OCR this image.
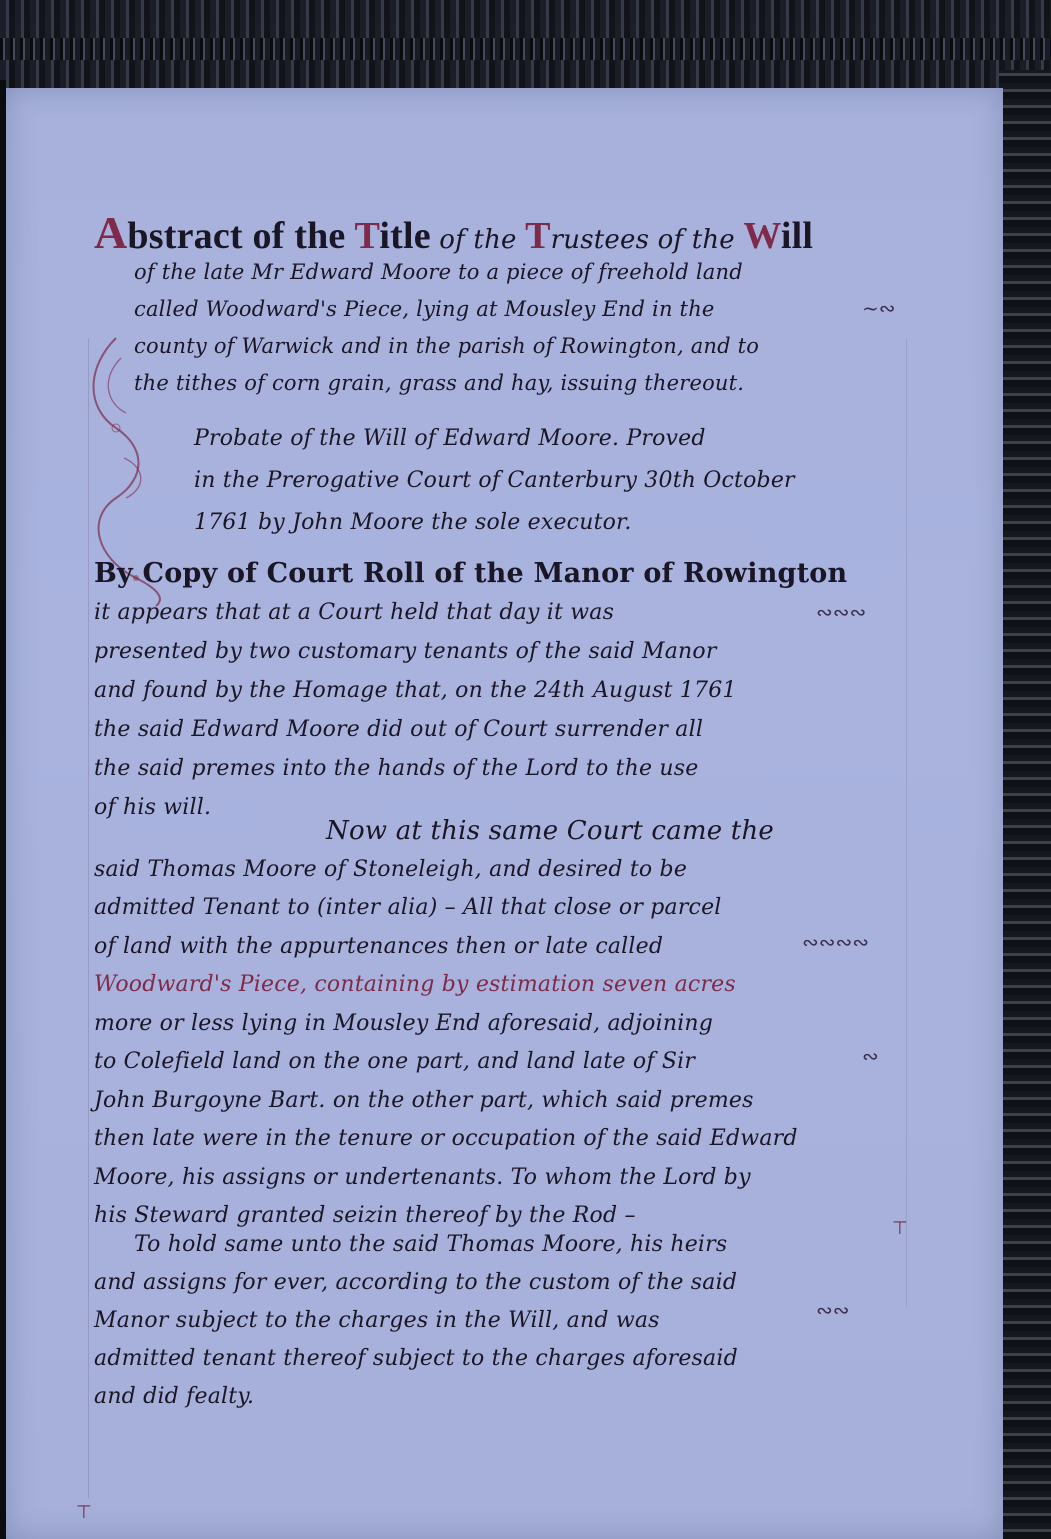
Abstract of the Title of the Trustees of the Will
of the late Mr Edward Moore to a piece of freehold land
called Woodward's Piece, lying at Mousley End in the
county of Warwick and in the parish of Rowington, and to
the tithes of corn grain, grass and hay, issuing thereout.
~∾
Probate of the Will of Edward Moore. Proved
in the Prerogative Court of Canterbury 30th October
1761 by John Moore the sole executor.
By Copy of Court Roll of the Manor of Rowington
it appears that at a Court held that day it was
presented by two customary tenants of the said Manor
and found by the Homage that, on the 24th August 1761
the said Edward Moore did out of Court surrender all
the said premes into the hands of the Lord to the use
of his will.
∾∾∾
Now at this same Court came the
said Thomas Moore of Stoneleigh, and desired to be
admitted Tenant to (inter alia) – All that close or parcel
of land with the appurtenances then or late called
Woodward's Piece, containing by estimation seven acres
more or less lying in Mousley End aforesaid, adjoining
to Colefield land on the one part, and land late of Sir
John Burgoyne Bart. on the other part, which said premes
then late were in the tenure or occupation of the said Edward
Moore, his assigns or undertenants. To whom the Lord by
his Steward granted seizin thereof by the Rod –
∾∾∾∾
∾
To hold same unto the said Thomas Moore, his heirs
and assigns for ever, according to the custom of the said
Manor subject to the charges in the Will, and was
admitted tenant thereof subject to the charges aforesaid
and did fealty.
∾∾
⊤
⊤
